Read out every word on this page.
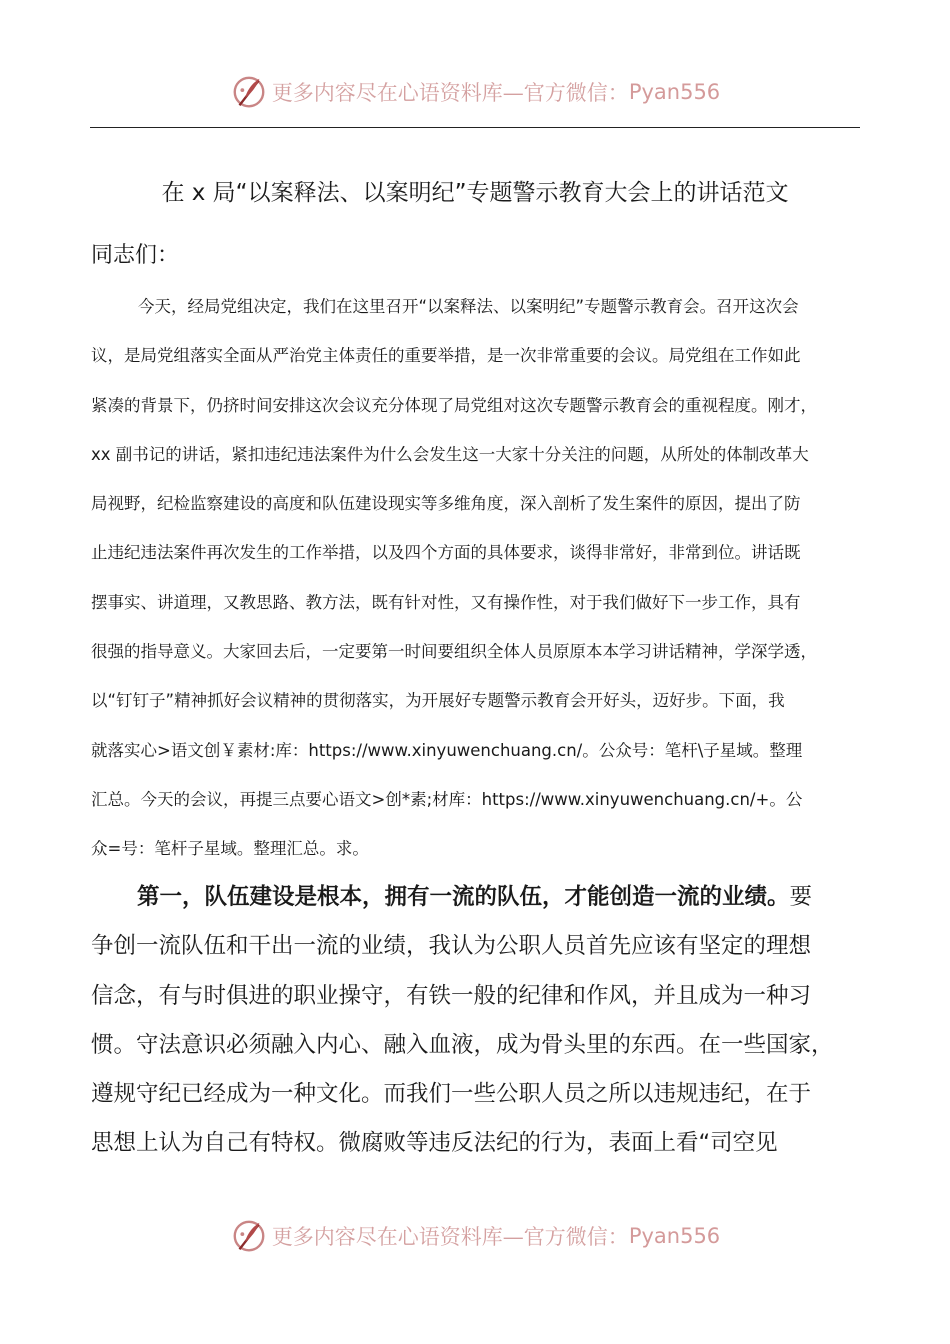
更多内容尽在心语资料库—官方微信： Pyan556
在 x 局“以案释法、以案明纪”专题警示教育大会上的讲话范文
同志们：
今天，经局党组决定，我们在这里召开“以案释法、以案明纪”专题警示教育会。召开这次会
议，是局党组落实全面从严治党主体责任的重要举措，是一次非常重要的会议。局党组在工作如此
紧凑的背景下，仍挤时间安排这次会议充分体现了局党组对这次专题警示教育会的重视程度。刚才，
xx 副书记的讲话，紧扣违纪违法案件为什么会发生这一大家十分关注的问题，从所处的体制改革大
局视野，纪检监察建设的高度和队伍建设现实等多维角度，深入剖析了发生案件的原因，提出了防
止违纪违法案件再次发生的工作举措，以及四个方面的具体要求，谈得非常好，非常到位。讲话既
摆事实、讲道理，又教思路、教方法，既有针对性，又有操作性，对于我们做好下一步工作，具有
很强的指导意义。大家回去后，一定要第一时间要组织全体人员原原本本学习讲话精神，学深学透，
以“钉钉子”精神抓好会议精神的贯彻落实，为开展好专题警示教育会开好头，迈好步。下面，我
就落实心>语文创￥素材:库：https://www.xinyuwenchuang.cn/。公众号：笔杆\子星域。整理
汇总。今天的会议，再提三点要心语文>创*素;材库：https://www.xinyuwenchuang.cn/+。公
众=号：笔杆子星域。整理汇总。求。
第一，队伍建设是根本，拥有一流的队伍，才能创造一流的业绩。要
争创一流队伍和干出一流的业绩，我认为公职人员首先应该有坚定的理想
信念，有与时俱进的职业操守，有铁一般的纪律和作风，并且成为一种习
惯。守法意识必须融入内心、融入血液，成为骨头里的东西。在一些国家，
遵规守纪已经成为一种文化。而我们一些公职人员之所以违规违纪，在于
思想上认为自己有特权。微腐败等违反法纪的行为，表面上看“司空见
更多内容尽在心语资料库—官方微信： Pyan556
